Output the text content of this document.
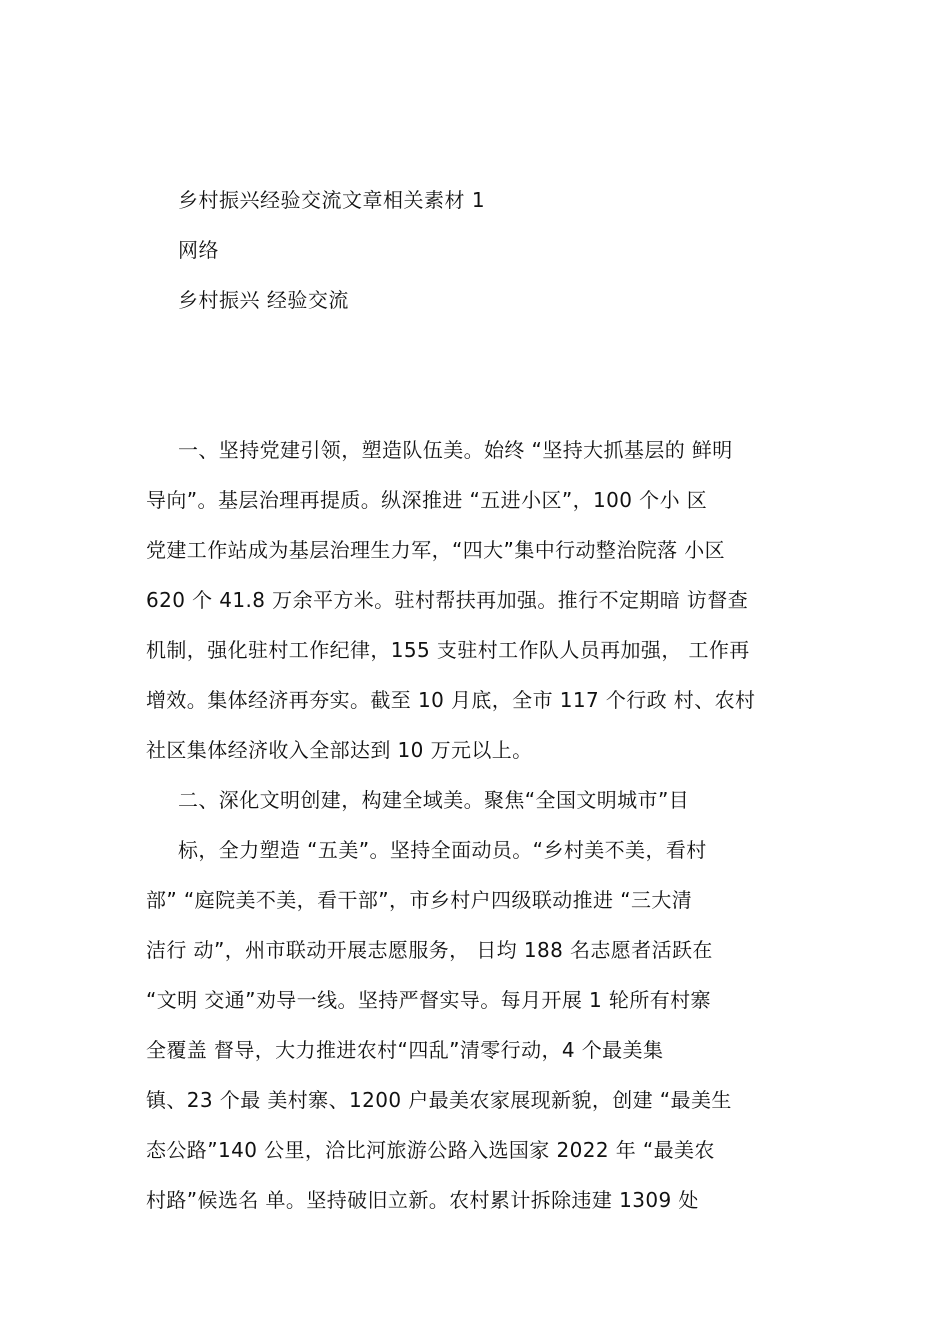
乡村振兴经验交流文章相关素材 1
网络
乡村振兴 经验交流
一、坚持党建引领，塑造队伍美。始终 “坚持大抓基层的 鲜明
导向”。基层治理再提质。纵深推进 “五进小区”，100 个小 区
党建工作站成为基层治理生力军，“四大”集中行动整治院落 小区
620 个 41.8 万余平方米。驻村帮扶再加强。推行不定期暗 访督查
机制，强化驻村工作纪律，155 支驻村工作队人员再加强， 工作再
增效。集体经济再夯实。截至 10 月底，全市 117 个行政 村、农村
社区集体经济收入全部达到 10 万元以上。
二、深化文明创建，构建全域美。聚焦“全国文明城市”目
标，全力塑造 “五美”。坚持全面动员。“乡村美不美，看村
部” “庭院美不美，看干部”，市乡村户四级联动推进 “三大清
洁行 动”，州市联动开展志愿服务， 日均 188 名志愿者活跃在
“文明 交通”劝导一线。坚持严督实导。每月开展 1 轮所有村寨
全覆盖 督导，大力推进农村“四乱”清零行动，4 个最美集
镇、23 个最 美村寨、1200 户最美农家展现新貌，创建 “最美生
态公路”140 公里，洽比河旅游公路入选国家 2022 年 “最美农
村路”候选名 单。坚持破旧立新。农村累计拆除违建 1309 处
